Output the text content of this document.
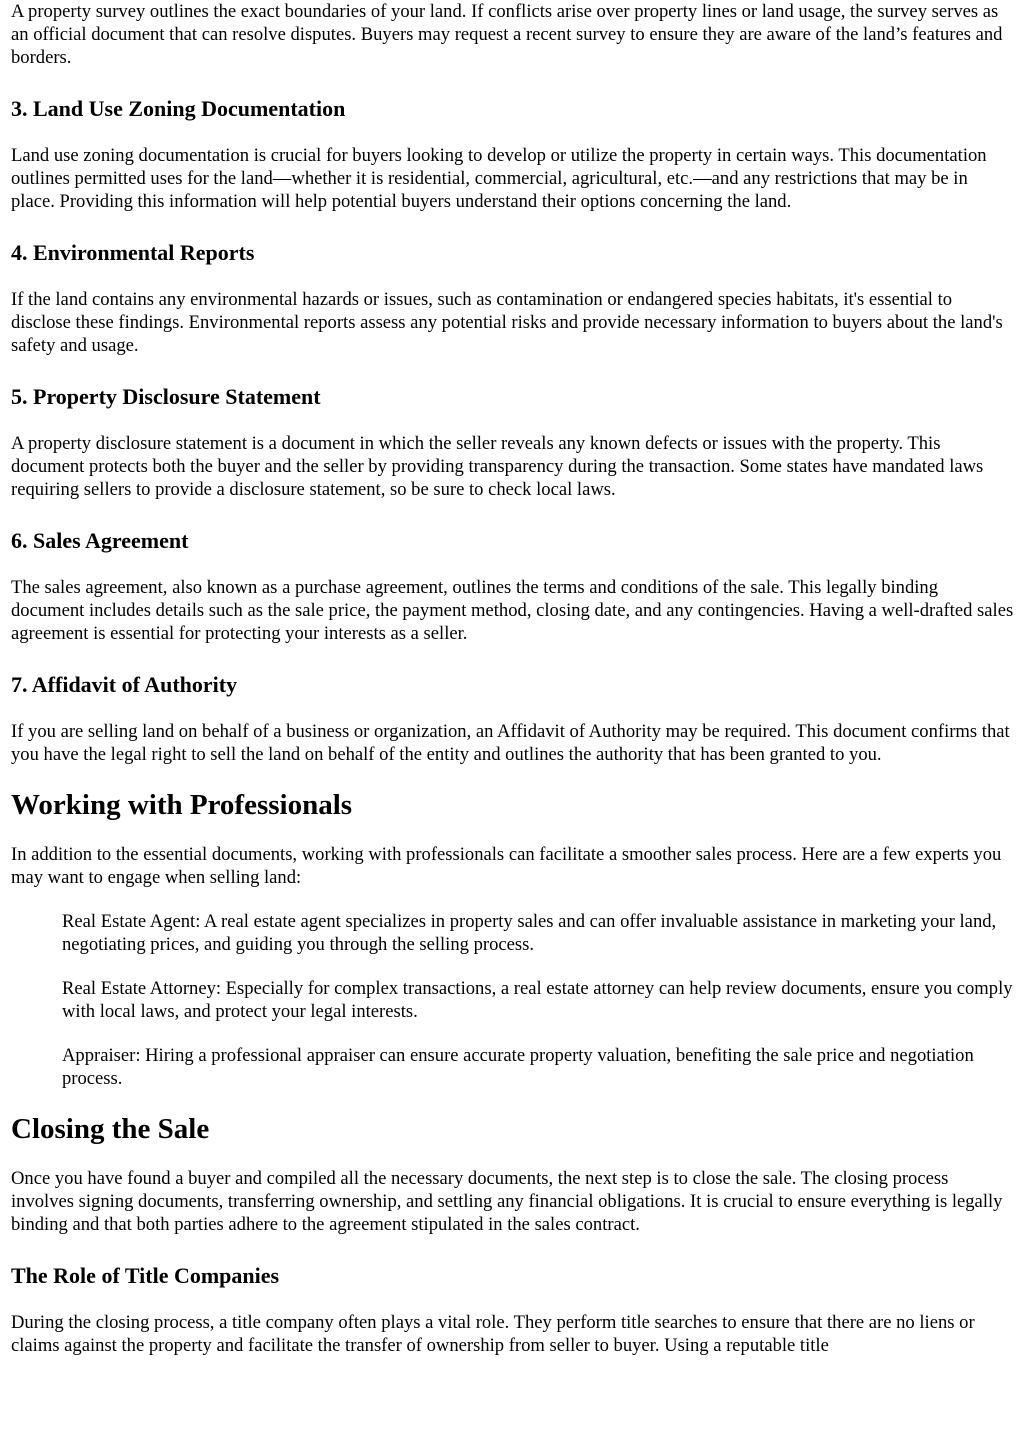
A property survey outlines the exact boundaries of your land. If conflicts arise over property lines or land usage, the survey serves as an official document that can resolve disputes. Buyers may request a recent survey to ensure they are aware of the land’s features and borders.

3. Land Use Zoning Documentation

Land use zoning documentation is crucial for buyers looking to develop or utilize the property in certain ways. This documentation outlines permitted uses for the land—whether it is residential, commercial, agricultural, etc.—and any restrictions that may be in place. Providing this information will help potential buyers understand their options concerning the land.

4. Environmental Reports

If the land contains any environmental hazards or issues, such as contamination or endangered species habitats, it's essential to disclose these findings. Environmental reports assess any potential risks and provide necessary information to buyers about the land's safety and usage.

5. Property Disclosure Statement

A property disclosure statement is a document in which the seller reveals any known defects or issues with the property. This document protects both the buyer and the seller by providing transparency during the transaction. Some states have mandated laws requiring sellers to provide a disclosure statement, so be sure to check local laws.

6. Sales Agreement

The sales agreement, also known as a purchase agreement, outlines the terms and conditions of the sale. This legally binding document includes details such as the sale price, the payment method, closing date, and any contingencies. Having a well-drafted sales agreement is essential for protecting your interests as a seller.

7. Affidavit of Authority

If you are selling land on behalf of a business or organization, an Affidavit of Authority may be required. This document confirms that you have the legal right to sell the land on behalf of the entity and outlines the authority that has been granted to you.

Working with Professionals

In addition to the essential documents, working with professionals can facilitate a smoother sales process. Here are a few experts you may want to engage when selling land:

Real Estate Agent: A real estate agent specializes in property sales and can offer invaluable assistance in marketing your land, negotiating prices, and guiding you through the selling process.

Real Estate Attorney: Especially for complex transactions, a real estate attorney can help review documents, ensure you comply with local laws, and protect your legal interests.

Appraiser: Hiring a professional appraiser can ensure accurate property valuation, benefiting the sale price and negotiation process.

Closing the Sale

Once you have found a buyer and compiled all the necessary documents, the next step is to close the sale. The closing process involves signing documents, transferring ownership, and settling any financial obligations. It is crucial to ensure everything is legally binding and that both parties adhere to the agreement stipulated in the sales contract.

The Role of Title Companies

During the closing process, a title company often plays a vital role. They perform title searches to ensure that there are no liens or claims against the property and facilitate the transfer of ownership from seller to buyer. Using a reputable title
